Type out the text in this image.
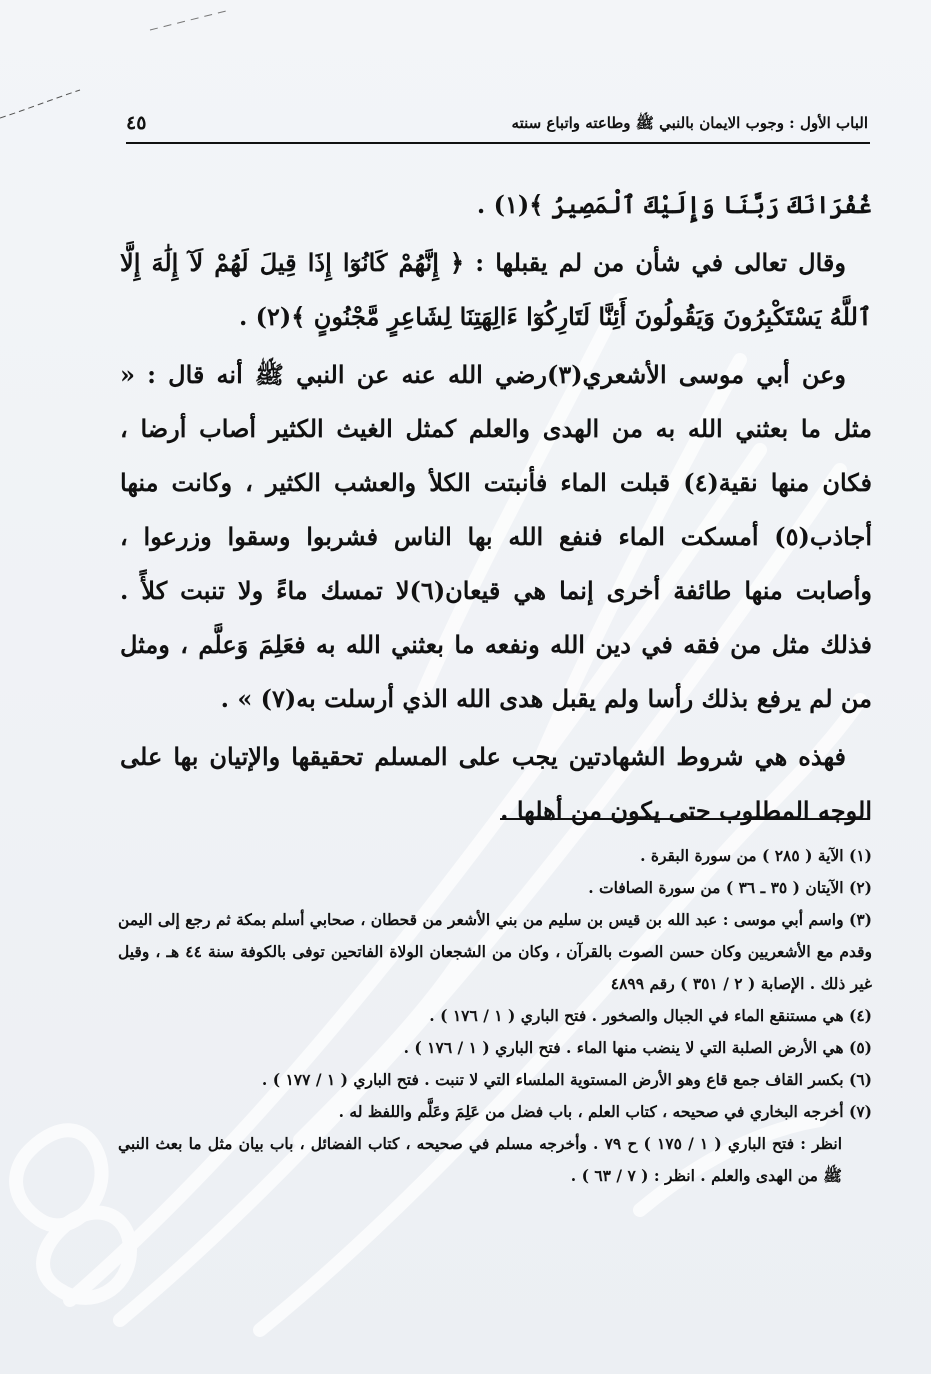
الباب الأول : وجوب الايمان بالنبي ﷺ وطاعته واتباع سنته
٤٥

غُفْرَانَكَ رَبَّنَا وَإِلَيْكَ ٱلْمَصِيرُ ﴾(١) .

وقال تعالى في شأن من لم يقبلها : ﴿ إِنَّهُمْ كَانُوٓا إِذَا قِيلَ لَهُمْ لَآ إِلَٰهَ إِلَّا ٱللَّهُ يَسْتَكْبِرُونَ وَيَقُولُونَ أَئِنَّا لَتَارِكُوٓا ءَالِهَتِنَا لِشَاعِرٍ مَّجْنُونٍ ﴾(٢) .

وعن أبي موسى الأشعري(٣)رضي الله عنه عن النبي ﷺ أنه قال : « مثل ما بعثني الله به من الهدى والعلم كمثل الغيث الكثير أصاب أرضا ، فكان منها نقية(٤) قبلت الماء فأنبتت الكلأ والعشب الكثير ، وكانت منها أجاذب(٥) أمسكت الماء فنفع الله بها الناس فشربوا وسقوا وزرعوا ، وأصابت منها طائفة أخرى إنما هي قيعان(٦)لا تمسك ماءً ولا تنبت كلأً . فذلك مثل من فقه في دين الله ونفعه ما بعثني الله به فعَلِمَ وَعلَّم ، ومثل من لم يرفع بذلك رأسا ولم يقبل هدى الله الذي أرسلت به(٧) » .

فهذه هي شروط الشهادتين يجب على المسلم تحقيقها والإتيان بها على الوجه المطلوب حتى يكون من أهلها .

(١) الآية ( ٢٨٥ ) من سورة البقرة .
(٢) الآيتان ( ٣٥ ـ ٣٦ ) من سورة الصافات .
(٣) واسم أبي موسى : عبد الله بن قيس بن سليم من بني الأشعر من قحطان ، صحابي أسلم بمكة ثم رجع إلى اليمن وقدم مع الأشعريين وكان حسن الصوت بالقرآن ، وكان من الشجعان الولاة الفاتحين توفى بالكوفة سنة ٤٤ هـ ، وقيل غير ذلك . الإصابة ( ٢ / ٣٥١ ) رقم ٤٨٩٩
(٤) هي مستنقع الماء في الجبال والصخور . فتح الباري ( ١ / ١٧٦ ) .
(٥) هي الأرض الصلبة التي لا ينضب منها الماء . فتح الباري ( ١ / ١٧٦ ) .
(٦) بكسر القاف جمع قاع وهو الأرض المستوية الملساء التي لا تنبت . فتح الباري ( ١ / ١٧٧ ) .
(٧) أخرجه البخاري في صحيحه ، كتاب العلم ، باب فضل من عَلِمَ وعَلَّم واللفظ له .
انظر : فتح الباري ( ١ / ١٧٥ ) ح ٧٩ . وأخرجه مسلم في صحيحه ، كتاب الفضائل ، باب بيان مثل ما بعث النبي ﷺ من الهدى والعلم . انظر : ( ٧ / ٦٣ ) .
